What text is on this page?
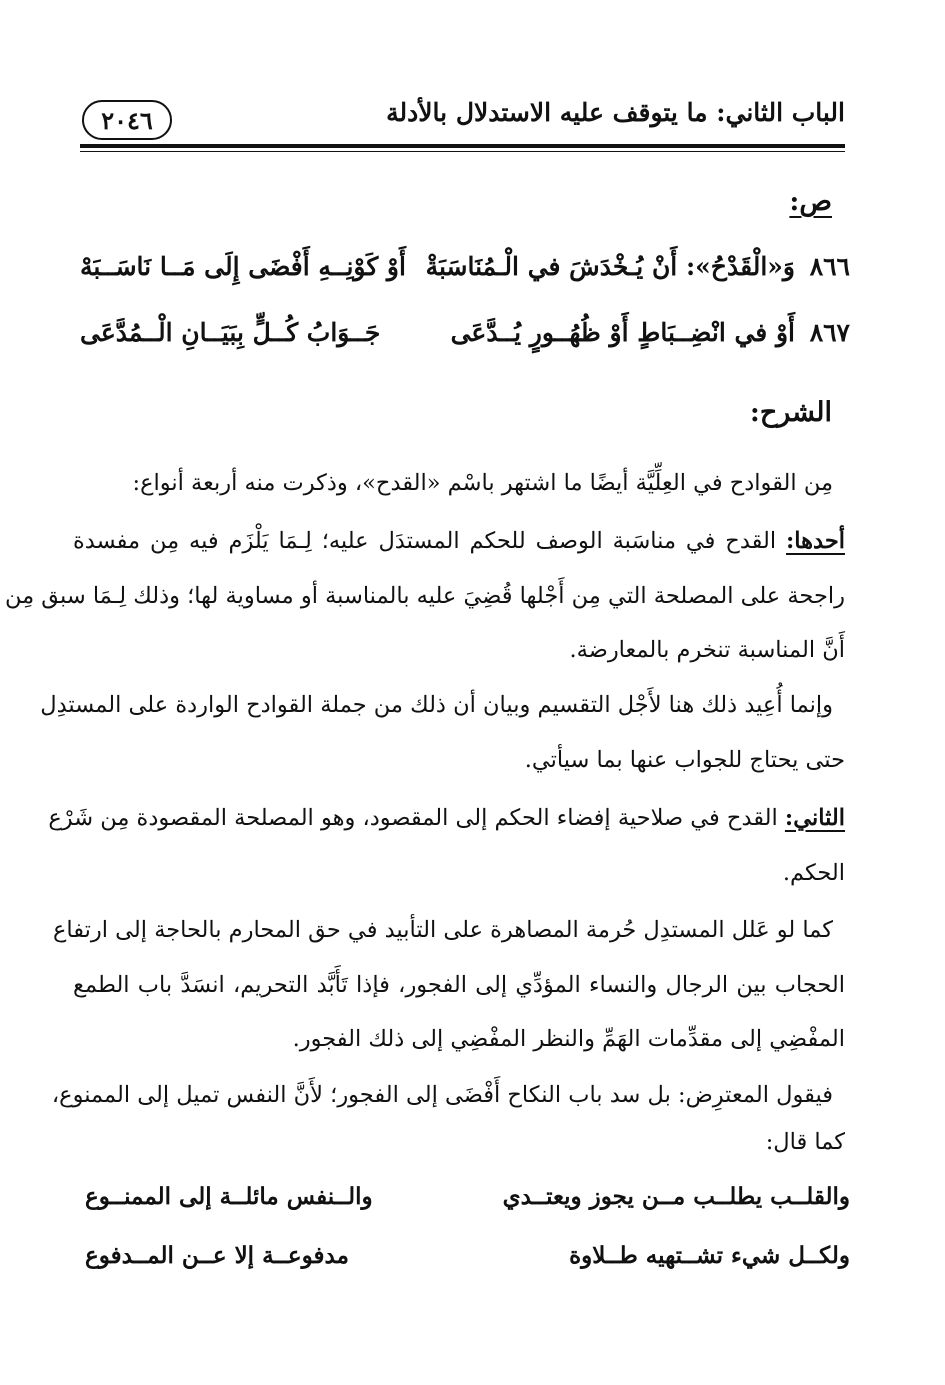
الباب الثاني: ما يتوقف عليه الاستدلال بالأدلة
٢٠٤٦
ص:
٨٦٦ وَ«الْقَدْحُ»: أَنْ يُـخْدَشَ في الْـمُنَاسَبَةْ
أَوْ كَوْنِــهِ أَفْضَى إِلَى مَــا نَاسَــبَهْ
٨٦٧ أَوْ في انْضِــبَاطٍ أَوْ ظُهُــورٍ يُــدَّعَى
جَــوَابُ كُــلٍّ بِبَيَــانِ الْــمُدَّعَى
الشرح:
مِن القوادح في العِلِّيَّة أيضًا ما اشتهر باسْم «القدح»، وذكرت منه أربعة أنواع:
أحدها: القدح في مناسَبة الوصف للحكم المستدَل عليه؛ لِـمَا يَلْزَم فيه مِن مفسدة
راجحة على المصلحة التي مِن أَجْلها قُضِيَ عليه بالمناسبة أو مساوية لها؛ وذلك لِـمَا سبق مِن
أَنَّ المناسبة تنخرم بالمعارضة.
وإنما أُعِيد ذلك هنا لأَجْل التقسيم وبيان أن ذلك من جملة القوادح الواردة على المستدِل
حتى يحتاج للجواب عنها بما سيأتي.
الثاني: القدح في صلاحية إفضاء الحكم إلى المقصود، وهو المصلحة المقصودة مِن شَرْع
الحكم.
كما لو عَلل المستدِل حُرمة المصاهرة على التأبيد في حق المحارم بالحاجة إلى ارتفاع
الحجاب بين الرجال والنساء المؤدِّي إلى الفجور، فإذا تَأَبَّد التحريم، انسَدَّ باب الطمع
المفْضِي إلى مقدِّمات الهَمِّ والنظر المفْضِي إلى ذلك الفجور.
فيقول المعترِض: بل سد باب النكاح أَفْضَى إلى الفجور؛ لأَنَّ النفس تميل إلى الممنوع،
كما قال:
والقلــب يطلــب مــن يجوز ويعتــدي
والــنفس مائلــة إلى الممنــوع
ولكــل شيء تشــتهيه طــلاوة
مدفوعــة إلا عــن المــدفوع
